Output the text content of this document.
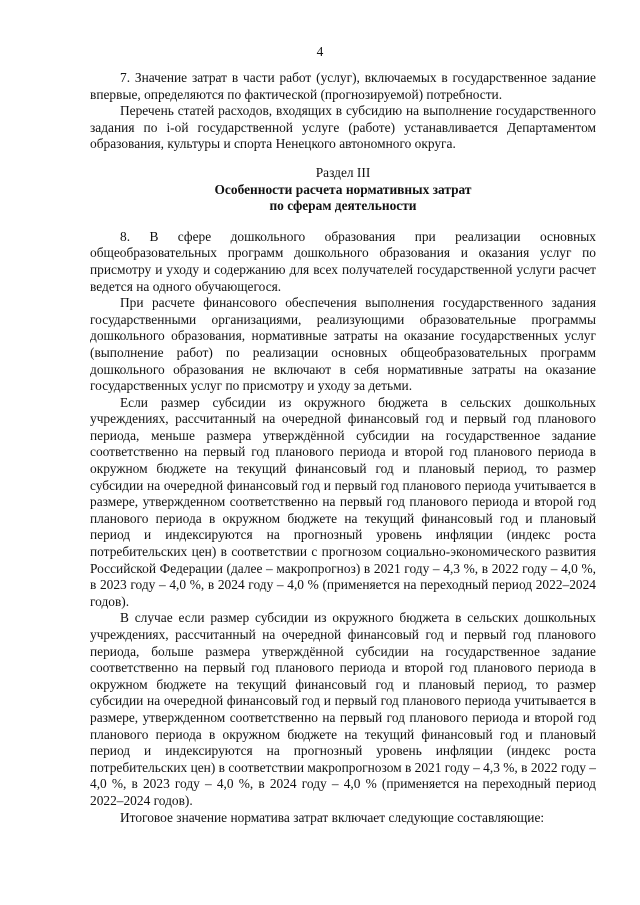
4

7. Значение затрат в части работ (услуг), включаемых в государственное задание впервые, определяются по фактической (прогнозируемой) потребности.

Перечень статей расходов, входящих в субсидию на выполнение государственного задания по i-ой государственной услуге (работе) устанавливается Департаментом образования, культуры и спорта Ненецкого автономного округа.

Раздел III

Особенности расчета нормативных затрат

по сферам деятельности

8. В сфере дошкольного образования при реализации основных общеобразовательных программ дошкольного образования и оказания услуг по присмотру и уходу и содержанию для всех получателей государственной услуги расчет ведется на одного обучающегося.

При расчете финансового обеспечения выполнения государственного задания государственными организациями, реализующими образовательные программы дошкольного образования, нормативные затраты на оказание государственных услуг (выполнение работ) по реализации основных общеобразовательных программ дошкольного образования не включают в себя нормативные затраты на оказание государственных услуг по присмотру и уходу за детьми.

Если размер субсидии из окружного бюджета в сельских дошкольных учреждениях, рассчитанный на очередной финансовый год и первый год планового периода, меньше размера утверждённой субсидии на государственное задание соответственно на первый год планового периода и второй год планового периода в окружном бюджете на текущий финансовый год и плановый период, то размер субсидии на очередной финансовый год и первый год планового периода учитывается в размере, утвержденном соответственно на первый год планового периода и второй год планового периода в окружном бюджете на текущий финансовый год и плановый период и индексируются на прогнозный уровень инфляции (индекс роста потребительских цен) в соответствии с прогнозом социально-экономического развития Российской Федерации (далее – макропрогноз) в 2021 году – 4,3 %, в 2022 году – 4,0 %, в 2023 году – 4,0 %, в 2024 году – 4,0 % (применяется на переходный период 2022–2024 годов).

В случае если размер субсидии из окружного бюджета в сельских дошкольных учреждениях, рассчитанный на очередной финансовый год и первый год планового периода, больше размера утверждённой субсидии на государственное задание соответственно на первый год планового периода и второй год планового периода в окружном бюджете на текущий финансовый год и плановый период, то размер субсидии на очередной финансовый год и первый год планового периода учитывается в размере, утвержденном соответственно на первый год планового периода и второй год планового периода в окружном бюджете на текущий финансовый год и плановый период и индексируются на прогнозный уровень инфляции (индекс роста потребительских цен) в соответствии макропрогнозом в 2021 году – 4,3 %, в 2022 году – 4,0 %, в 2023 году – 4,0 %, в 2024 году – 4,0 % (применяется на переходный период 2022–2024 годов).

Итоговое значение норматива затрат включает следующие составляющие:
